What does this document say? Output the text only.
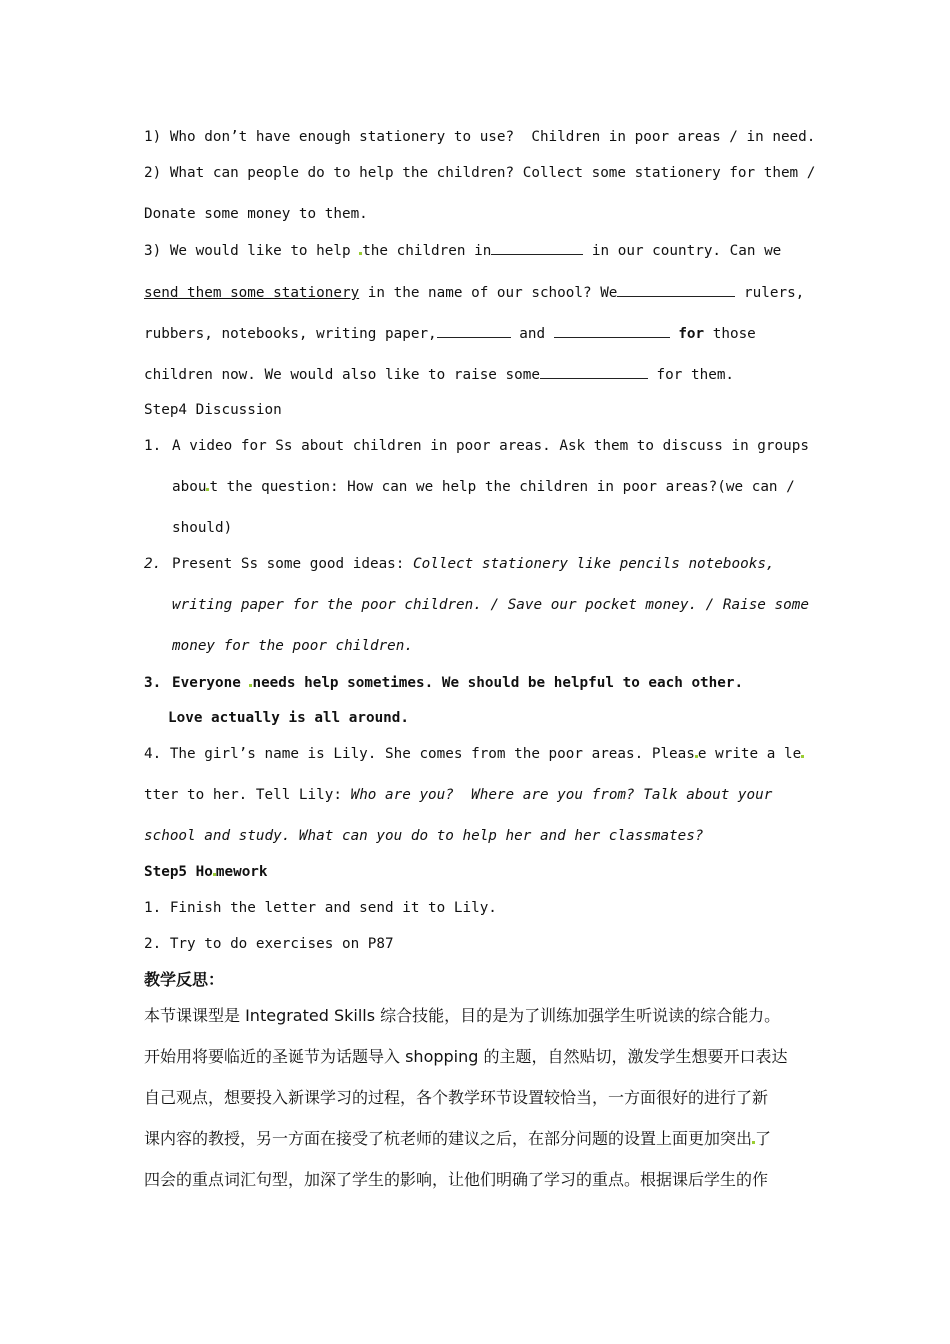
1) Who don’t have enough stationery to use?  Children in poor areas / in need.
2) What can people do to help the children? Collect some stationery for them /
Donate some money to them.
3) We would like to help the children in	in our country. Can we
send them some stationery in the name of our school? We	rulers,
rubbers, notebooks, writing paper,	and	for those
children now. We would also like to raise some	for them.
Step4 Discussion
1. A video for Ss about children in poor areas. Ask them to discuss in groups
abou t the question: How can we help the children in poor areas?(we can /
should)
2. Present Ss some good ideas: Collect stationery like pencils notebooks,
writing paper for the poor children. / Save our pocket money. / Raise some
money for the poor children.
3. Everyone needs help sometimes. We should be helpful to each other.
Love actually is all around.
4. The girl’s name is Lily. She comes from the poor areas. Pleas e write a le
tter to her. Tell Lily: Who are you?  Where are you from? Talk about your
school and study. What can you do to help her and her classmates?
Step5 Ho mework
1. Finish the letter and send it to Lily.
2. Try to do exercises on P87
教学反思：
本节课课型是 Integrated Skills 综合技能，目的是为了训练加强学生听说读的综合能力。
开始用将要临近的圣诞节为话题导入 shopping 的主题，自然贴切，激发学生想要开口表达
自己观点，想要投入新课学习的过程，各个教学环节设置较恰当，一方面很好的进行了新
课内容的教授，另一方面在接受了杭老师的建议之后，在部分问题的设置上面更加突出 了
四会的重点词汇句型，加深了学生的影响，让他们明确了学习的重点。根据课后学生的作
